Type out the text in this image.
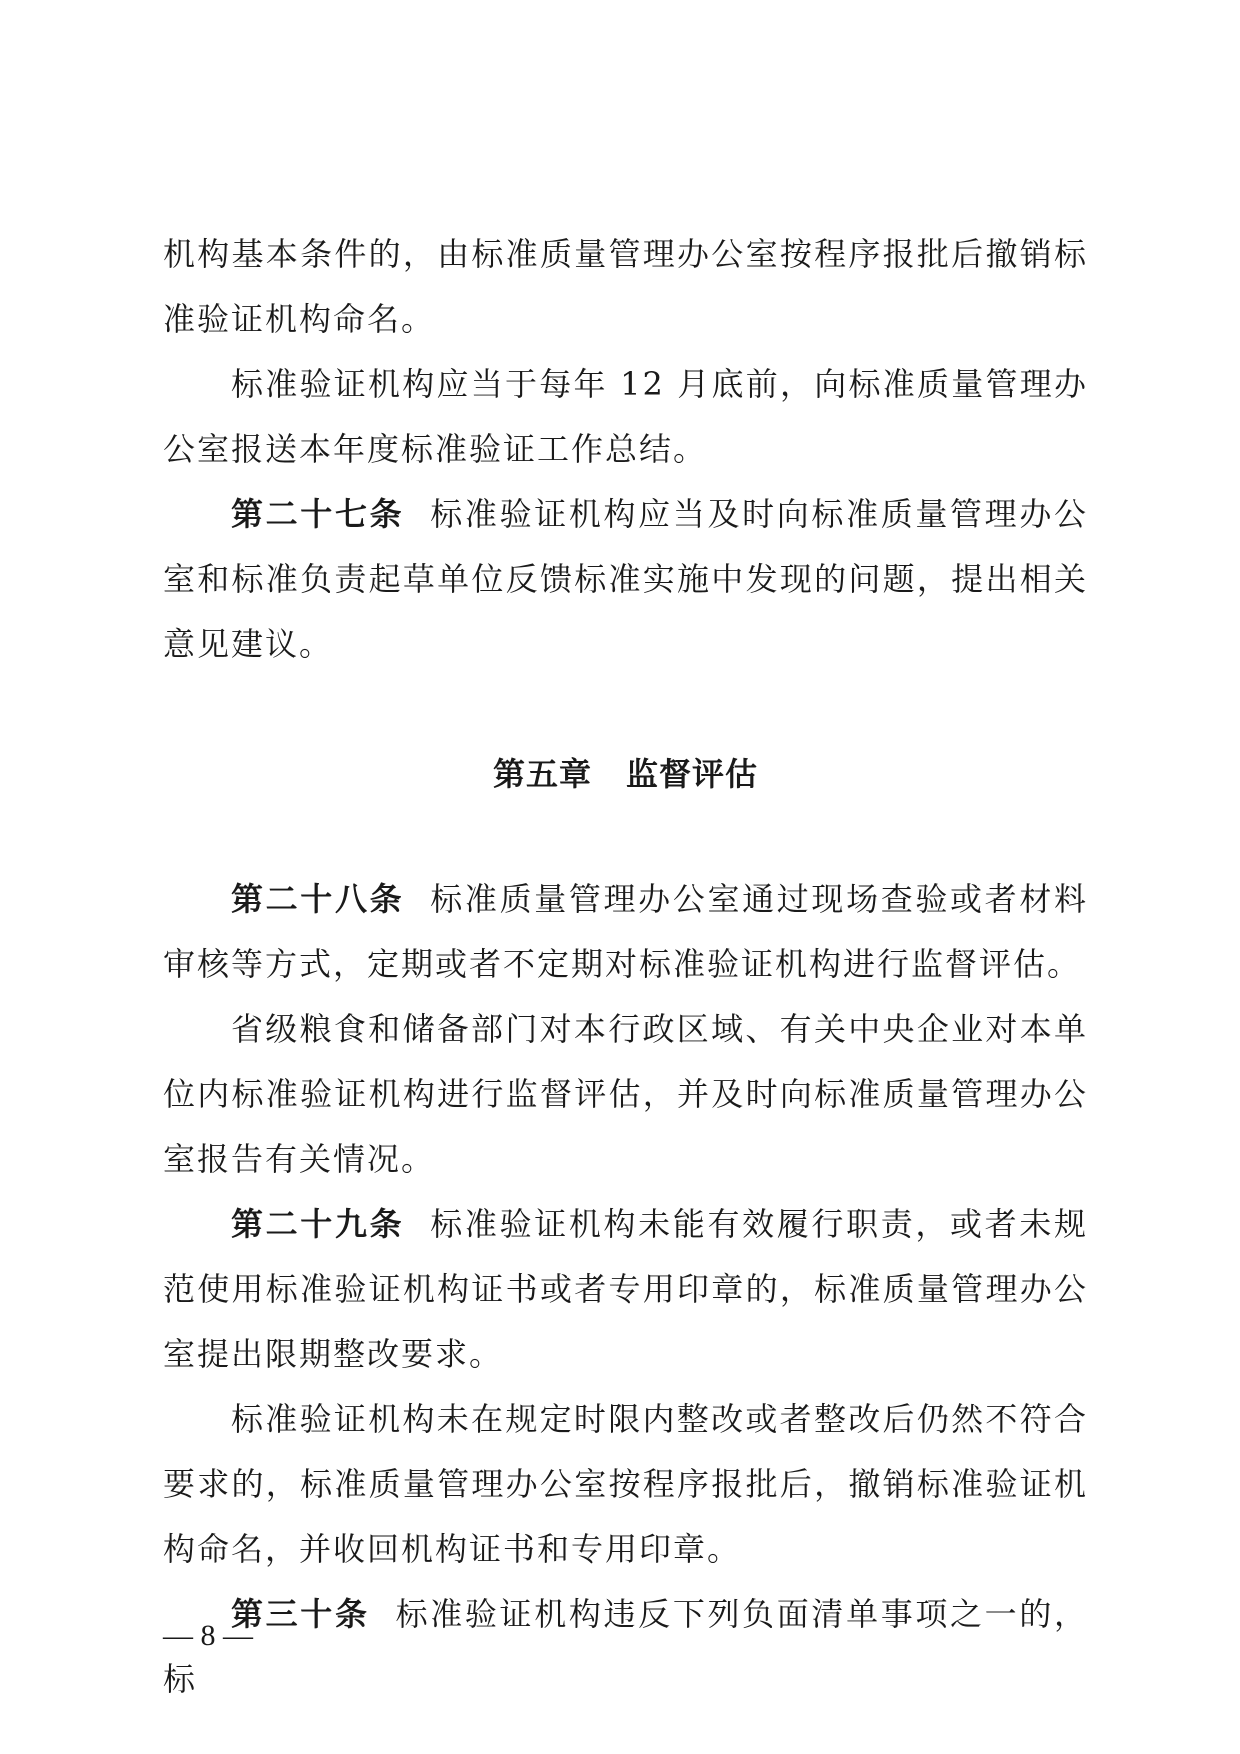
机构基本条件的，由标准质量管理办公室按程序报批后撤销标准验证机构命名。

标准验证机构应当于每年 12 月底前，向标准质量管理办公室报送本年度标准验证工作总结。

第二十七条 标准验证机构应当及时向标准质量管理办公室和标准负责起草单位反馈标准实施中发现的问题，提出相关意见建议。

第五章 监督评估

第二十八条 标准质量管理办公室通过现场查验或者材料审核等方式，定期或者不定期对标准验证机构进行监督评估。

省级粮食和储备部门对本行政区域、有关中央企业对本单位内标准验证机构进行监督评估，并及时向标准质量管理办公室报告有关情况。

第二十九条 标准验证机构未能有效履行职责，或者未规范使用标准验证机构证书或者专用印章的，标准质量管理办公室提出限期整改要求。

标准验证机构未在规定时限内整改或者整改后仍然不符合要求的，标准质量管理办公室按程序报批后，撤销标准验证机构命名，并收回机构证书和专用印章。

第三十条 标准验证机构违反下列负面清单事项之一的，标

— 8 —
